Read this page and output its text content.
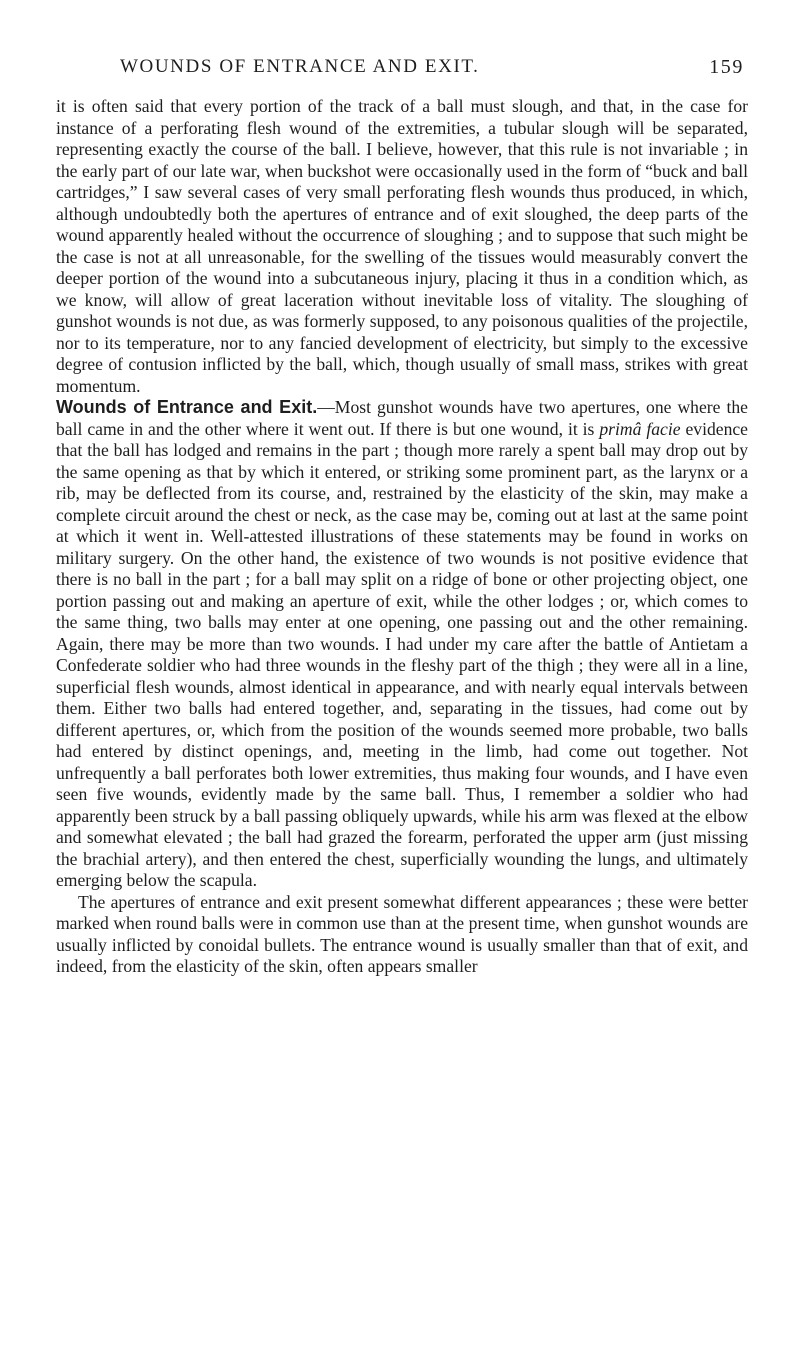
WOUNDS OF ENTRANCE AND EXIT.	159

it is often said that every portion of the track of a ball must slough, and that, in the case for instance of a perforating flesh wound of the extremities, a tubular slough will be separated, representing exactly the course of the ball. I believe, however, that this rule is not invariable ; in the early part of our late war, when buckshot were occasionally used in the form of “buck and ball cartridges,” I saw several cases of very small perforating flesh wounds thus produced, in which, although undoubtedly both the apertures of entrance and of exit sloughed, the deep parts of the wound apparently healed without the occurrence of sloughing ; and to suppose that such might be the case is not at all unreasonable, for the swelling of the tissues would measurably convert the deeper portion of the wound into a subcutaneous injury, placing it thus in a condition which, as we know, will allow of great laceration without inevitable loss of vitality. The sloughing of gunshot wounds is not due, as was formerly supposed, to any poisonous qualities of the projectile, nor to its temperature, nor to any fancied development of electricity, but simply to the excessive degree of contusion inflicted by the ball, which, though usually of small mass, strikes with great momentum.

Wounds of Entrance and Exit.—Most gunshot wounds have two apertures, one where the ball came in and the other where it went out. If there is but one wound, it is primâ facie evidence that the ball has lodged and remains in the part ; though more rarely a spent ball may drop out by the same opening as that by which it entered, or striking some prominent part, as the larynx or a rib, may be deflected from its course, and, restrained by the elasticity of the skin, may make a complete circuit around the chest or neck, as the case may be, coming out at last at the same point at which it went in. Well-attested illustrations of these statements may be found in works on military surgery. On the other hand, the existence of two wounds is not positive evidence that there is no ball in the part ; for a ball may split on a ridge of bone or other projecting object, one portion passing out and making an aperture of exit, while the other lodges ; or, which comes to the same thing, two balls may enter at one opening, one passing out and the other remaining. Again, there may be more than two wounds. I had under my care after the battle of Antietam a Confederate soldier who had three wounds in the fleshy part of the thigh ; they were all in a line, superficial flesh wounds, almost identical in appearance, and with nearly equal intervals between them. Either two balls had entered together, and, separating in the tissues, had come out by different apertures, or, which from the position of the wounds seemed more probable, two balls had entered by distinct openings, and, meeting in the limb, had come out together. Not unfrequently a ball perforates both lower extremities, thus making four wounds, and I have even seen five wounds, evidently made by the same ball. Thus, I remember a soldier who had apparently been struck by a ball passing obliquely upwards, while his arm was flexed at the elbow and somewhat elevated ; the ball had grazed the forearm, perforated the upper arm (just missing the brachial artery), and then entered the chest, superficially wounding the lungs, and ultimately emerging below the scapula.

The apertures of entrance and exit present somewhat different appearances ; these were better marked when round balls were in common use than at the present time, when gunshot wounds are usually inflicted by conoidal bullets. The entrance wound is usually smaller than that of exit, and indeed, from the elasticity of the skin, often appears smaller
